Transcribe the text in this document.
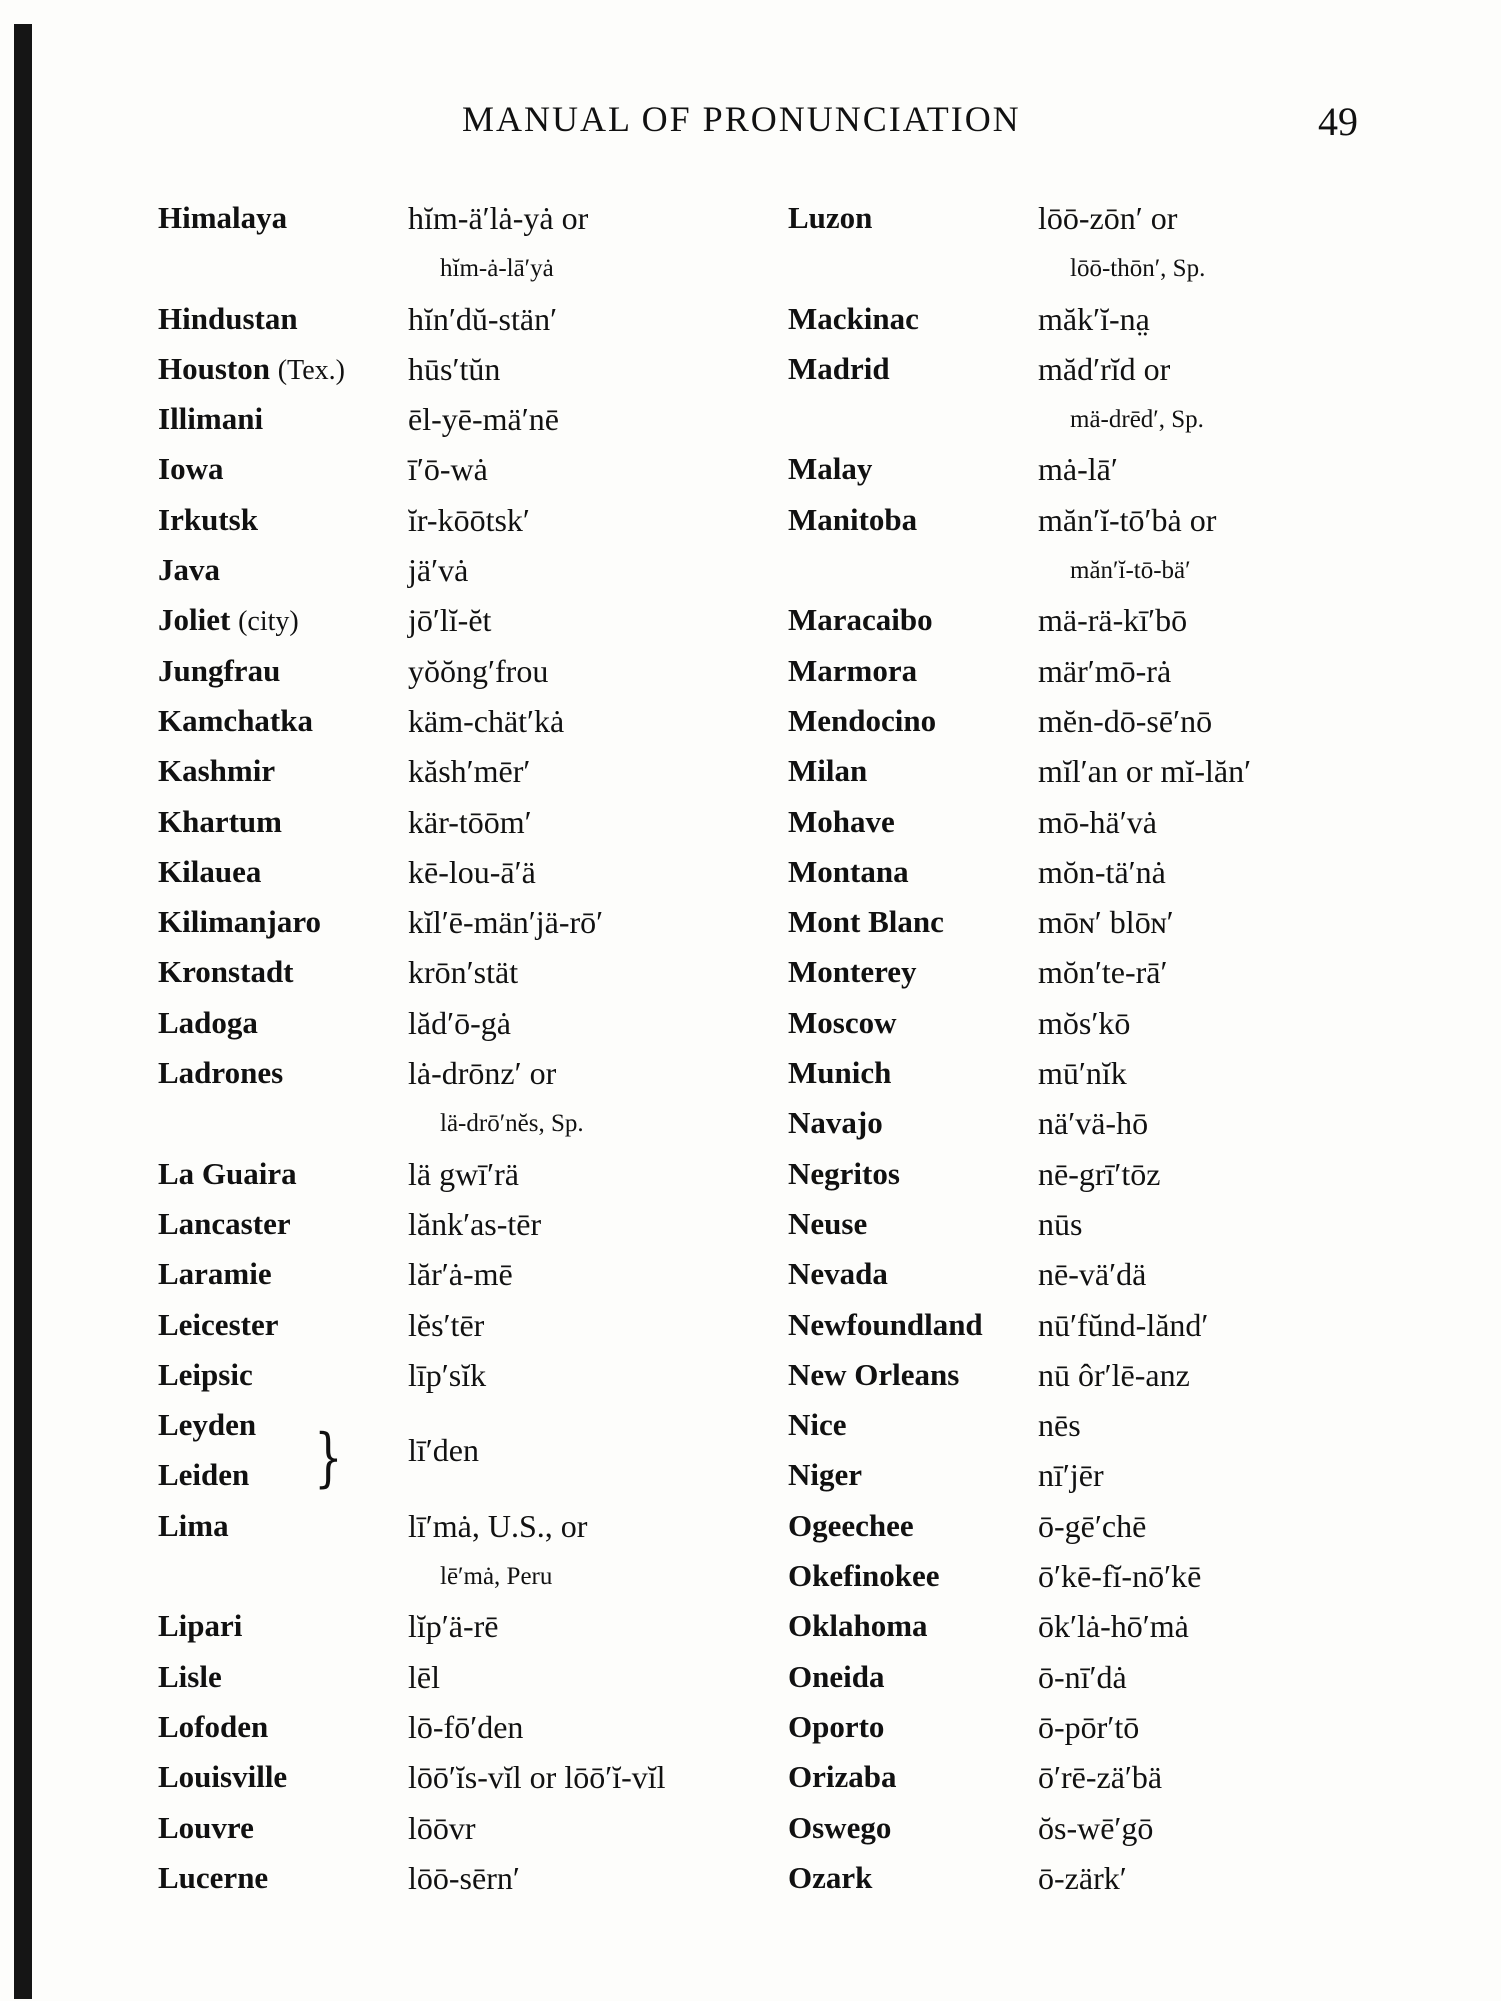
MANUAL OF PRONUNCIATION	49
Himalaya	hĭm-ä′lȧ-yȧ or
hĭm-ȧ-lā′yȧ
Hindustan	hĭn′dŭ-stän′
Houston (Tex.) hūs′tŭn
Illimani	ēl-yē-mä′nē
Iowa	ī′ō-wȧ
Irkutsk	ĭr-kōōtsk′
Java	jä′vȧ
Joliet (city)	jō′lĭ-ĕt
Jungfrau	yŏŏng′frou
Kamchatka	käm-chät′kȧ
Kashmir	kăsh′mēr′
Khartum	kär-tōōm′
Kilauea	kē-lou-ā′ä
Kilimanjaro	kĭl′ē-män′jä-rō′
Kronstadt	krōn′stät
Ladoga	lăd′ō-gȧ
Ladrones	lȧ-drōnz′ or
lä-drō′nĕs, Sp.
La Guaira	lä gwī′rä
Lancaster	lănk′as-tēr
Laramie	lăr′ȧ-mē
Leicester	lĕs′tēr
Leipsic	līp′sĭk
Leyden } lī′den
Leiden
Lima	lī′mȧ, U.S., or
lē′mȧ, Peru
Lipari	lĭp′ä-rē
Lisle	lēl
Lofoden	lō-fō′den
Louisville	lōō′ĭs-vĭl or lōō′ĭ-vĭl
Louvre	lōōvr
Lucerne	lōō-sērn′
Luzon	lōō-zōn′ or
lōō-thōn′, Sp.
Mackinac	măk′ĭ-na̤
Madrid	măd′rĭd or
mä-drēd′, Sp.
Malay	mȧ-lā′
Manitoba	măn′ĭ-tō′bȧ or
măn′ĭ-tō-bä′
Maracaibo	mä-rä-kī′bō
Marmora	mär′mō-rȧ
Mendocino	mĕn-dō-sē′nō
Milan	mĭl′an or mĭ-lăn′
Mohave	mō-hä′vȧ
Montana	mŏn-tä′nȧ
Mont Blanc	mōɴ′ blōɴ′
Monterey	mŏn′te-rā′
Moscow	mŏs′kō
Munich	mū′nĭk
Navajo	nä′vä-hō
Negritos	nē-grī′tōz
Neuse	nūs
Nevada	nē-vä′dä
Newfoundland nū′fŭnd-lănd′
New Orleans nū ôr′lē-anz
Nice	nēs
Niger	nī′jēr
Ogeechee	ō-gē′chē
Okefinokee	ō′kē-fĭ-nō′kē
Oklahoma	ōk′lȧ-hō′mȧ
Oneida	ō-nī′dȧ
Oporto	ō-pōr′tō
Orizaba	ō′rē-zä′bä
Oswego	ŏs-wē′gō
Ozark	ō-zärk′
